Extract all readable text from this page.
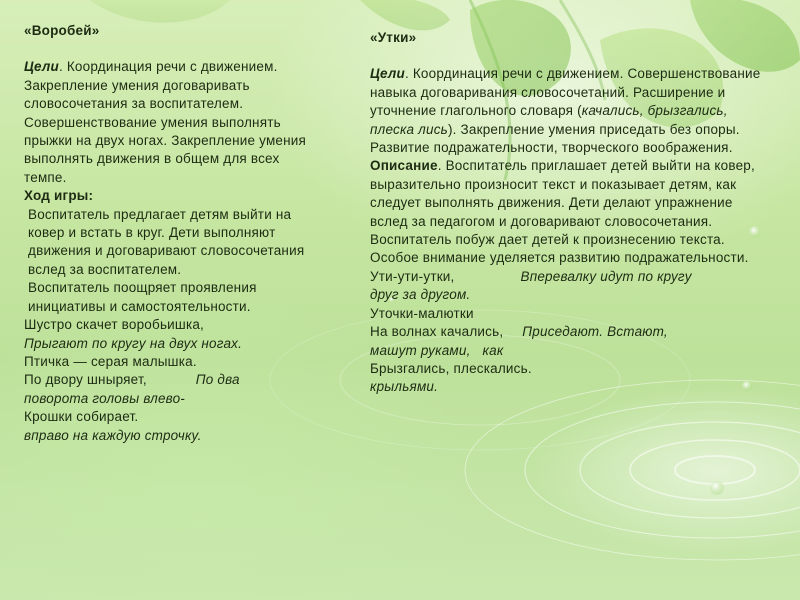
«Воробей»

Цели. Координация речи с движением. Закрепление умения договаривать словосочетания за воспитателем. Совершенствование умения выполнять прыжки на двух ногах. Закрепление умения выполнять движения в общем для всех темпе.

Ход игры:

Воспитатель предлагает детям выйти на ковер и встать в круг. Дети выполняют движения и договаривают словосочетания вслед за воспитателем.

Воспитатель поощряет проявления инициативы и самостоятельности.

Шустро скачет воробьишка,

Прыгают по кругу на двух ногах.

Птичка — серая малышка.

По двору шныряет,	По два

поворота головы влево-

Крошки собирает.

вправо на каждую строчку.

«Утки»

Цели. Координация речи с движением. Совершенствование навыка договаривания словосочетаний. Расширение и уточнение глагольного словаря (качались, брызгались, плеска лись). Закрепление умения приседать без опоры. Развитие подражательности, творческого воображения.

Описание. Воспитатель приглашает детей выйти на ковер, выразительно произносит текст и показывает детям, как следует выполнять движения. Дети делают упражнение вслед за педагогом и договаривают словосочетания. Воспитатель побуж дает детей к произнесению текста. Особое внимание уделяется развитию подражательности.

Ути-ути-утки,	Вперевалку идут по кругу

друг за другом.

Уточки-малютки

На волнах качались, Приседают. Встают,

машут руками, как

Брызгались, плескались.

крыльями.
